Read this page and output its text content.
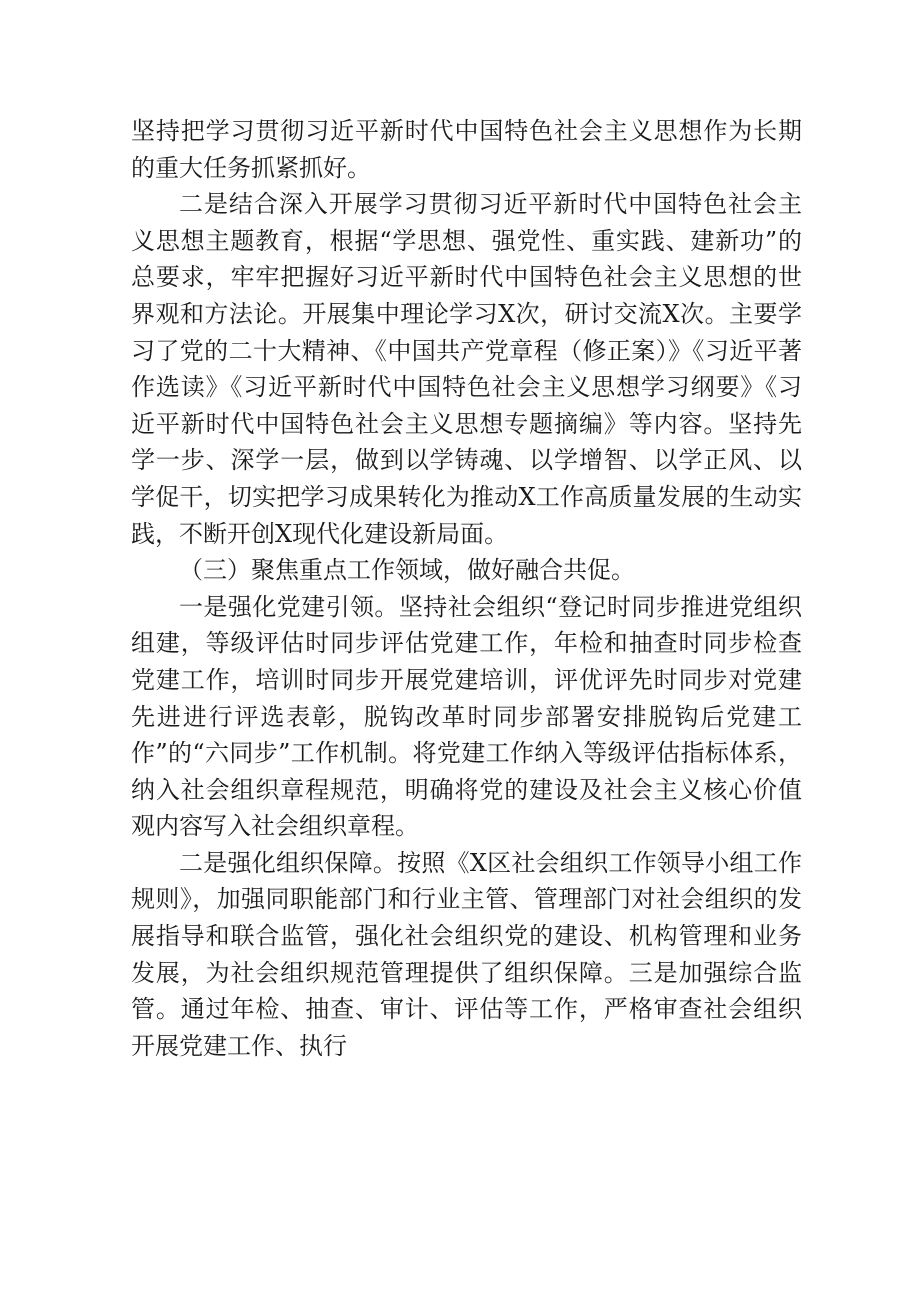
坚持把学习贯彻习近平新时代中国特色社会主义思想作为长期的重大任务抓紧抓好。

二是结合深入开展学习贯彻习近平新时代中国特色社会主义思想主题教育，根据“学思想、强党性、重实践、建新功”的总要求，牢牢把握好习近平新时代中国特色社会主义思想的世界观和方法论。开展集中理论学习X次，研讨交流X次。主要学习了党的二十大精神、《中国共产党章程（修正案）》《习近平著作选读》《习近平新时代中国特色社会主义思想学习纲要》《习近平新时代中国特色社会主义思想专题摘编》等内容。坚持先学一步、深学一层，做到以学铸魂、以学增智、以学正风、以学促干，切实把学习成果转化为推动X工作高质量发展的生动实践，不断开创X现代化建设新局面。

（三）聚焦重点工作领域，做好融合共促。

一是强化党建引领。坚持社会组织“登记时同步推进党组织组建，等级评估时同步评估党建工作，年检和抽查时同步检查党建工作，培训时同步开展党建培训，评优评先时同步对党建先进进行评选表彰，脱钩改革时同步部署安排脱钩后党建工作”的“六同步”工作机制。将党建工作纳入等级评估指标体系，纳入社会组织章程规范，明确将党的建设及社会主义核心价值观内容写入社会组织章程。

二是强化组织保障。按照《X区社会组织工作领导小组工作规则》，加强同职能部门和行业主管、管理部门对社会组织的发展指导和联合监管，强化社会组织党的建设、机构管理和业务发展，为社会组织规范管理提供了组织保障。三是加强综合监管。通过年检、抽查、审计、评估等工作，严格审查社会组织开展党建工作、执行
